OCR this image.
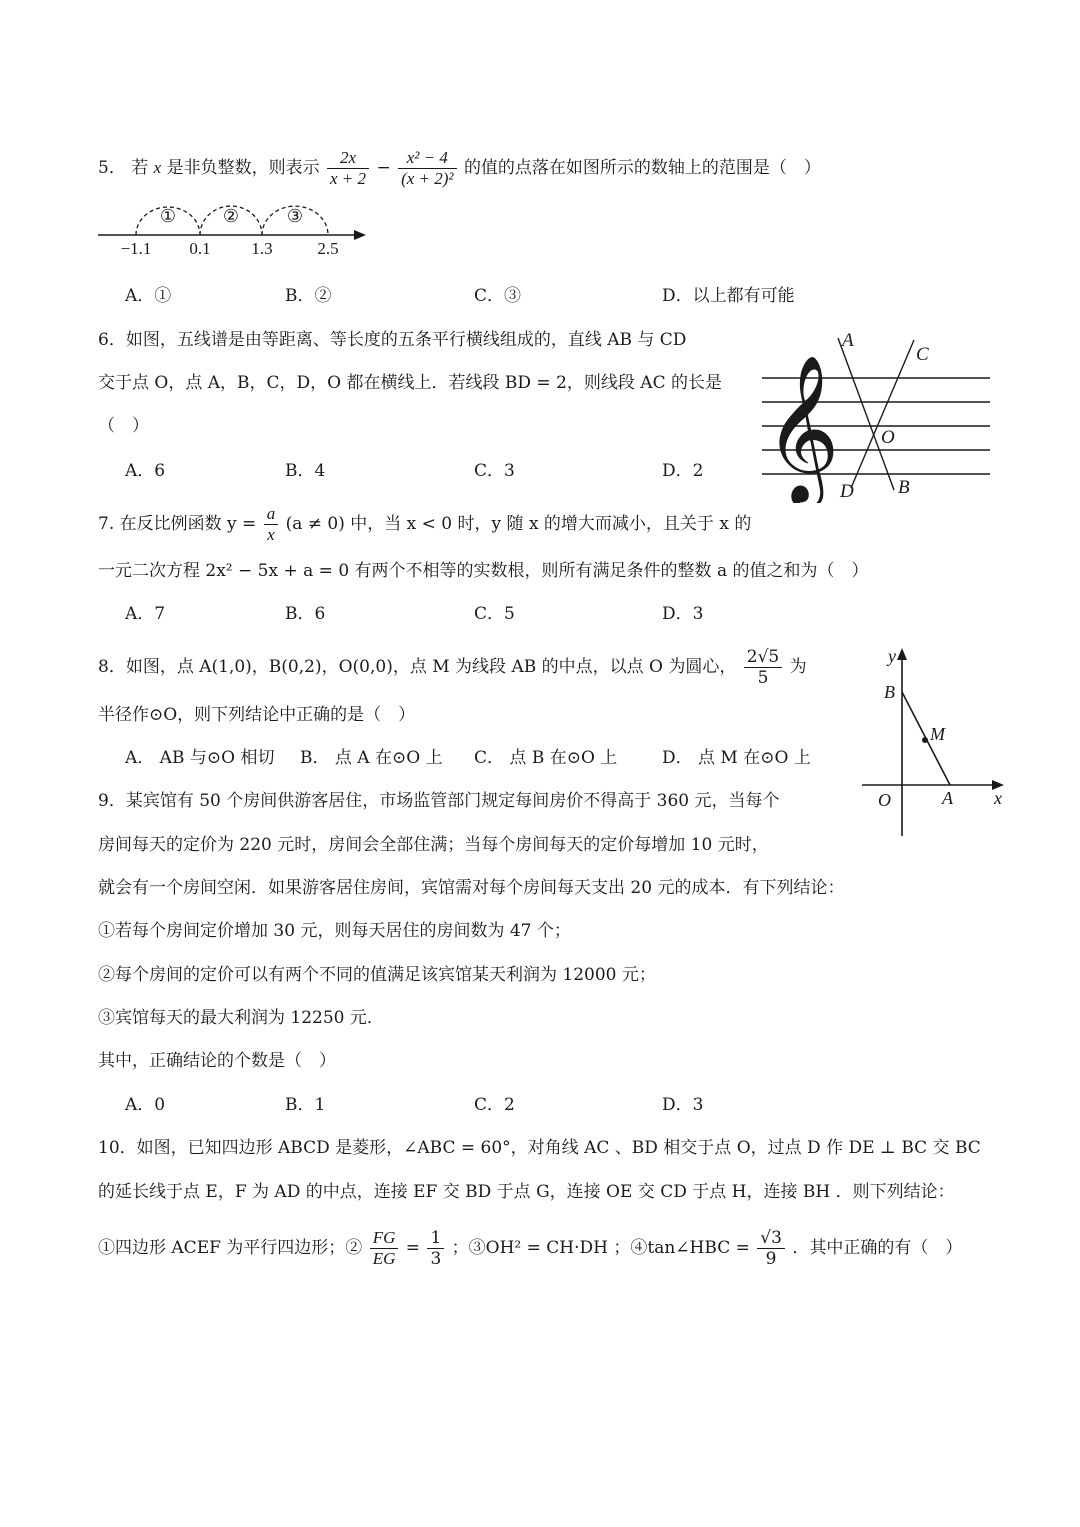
5． 若 x 是非负整数，则表示 $\frac{2x}{x + 2} - \frac{\text{x² − 4}}{\text{(x + 2)²}}$ 的值的点落在如图所示的数轴上的范围是（　）
①	②	③
−1.1 0.1 1.3	2.5
A．①	B．②	C．③	D．以上都有可能
6．如图，五线谱是由等距离、等长度的五条平行横线组成的，直线 AB 与 CD
交于点 O，点 A，B，C，D，O 都在横线上．若线段 BD = 2，则线段 AC 的长是
（　）	𝄞
A
C
O
D B
A．6	B．4	C．3	D．2
7. 在反比例函数 $y = \frac{a}{x} (a \ne 0)$ 中，当 x < 0 时，y 随 x 的增大而减小，且关于 x 的
一元二次方程 2x² − 5x + a = 0 有两个不相等的实数根，则所有满足条件的整数 a 的值之和为（　）
A．7	B．6	C．5	D．3
8．如图，点 A(1,0)，B(0,2)，O(0,0)，点 M 为线段 AB 的中点，以点 O 为圆心， $\frac{2√5}{5}$ 为
半径作⊙O，则下列结论中正确的是（　）
y
B
M
O	A x
A． AB 与⊙O 相切 B． 点 A 在⊙O 上 C． 点 B 在⊙O 上	D． 点 M 在⊙O 上
9．某宾馆有 50 个房间供游客居住，市场监管部门规定每间房价不得高于 360 元，当每个
房间每天的定价为 220 元时，房间会全部住满；当每个房间每天的定价每增加 10 元时，
就会有一个房间空闲．如果游客居住房间，宾馆需对每个房间每天支出 20 元的成本．有下列结论：
①若每个房间定价增加 30 元，则每天居住的房间数为 47 个；
②每个房间的定价可以有两个不同的值满足该宾馆某天利润为 12000 元；
③宾馆每天的最大利润为 12250 元．
其中，正确结论的个数是（　）
A．0	B．1	C．2	D．3
10．如图，已知四边形 ABCD 是菱形，∠ABC = 60°，对角线 AC 、BD 相交于点 O，过点 D 作 DE ⊥ BC 交 BC
的延长线于点 E，F 为 AD 的中点，连接 EF 交 BD 于点 G，连接 OE 交 CD 于点 H，连接 BH ．则下列结论：
①四边形 ACEF 为平行四边形；② $\frac{FG}{EG} = \frac{1}{3}$ ；③OH² = CH·DH ；④tan∠HBC = $\frac{√3}{9}$ ．其中正确的有（　）
